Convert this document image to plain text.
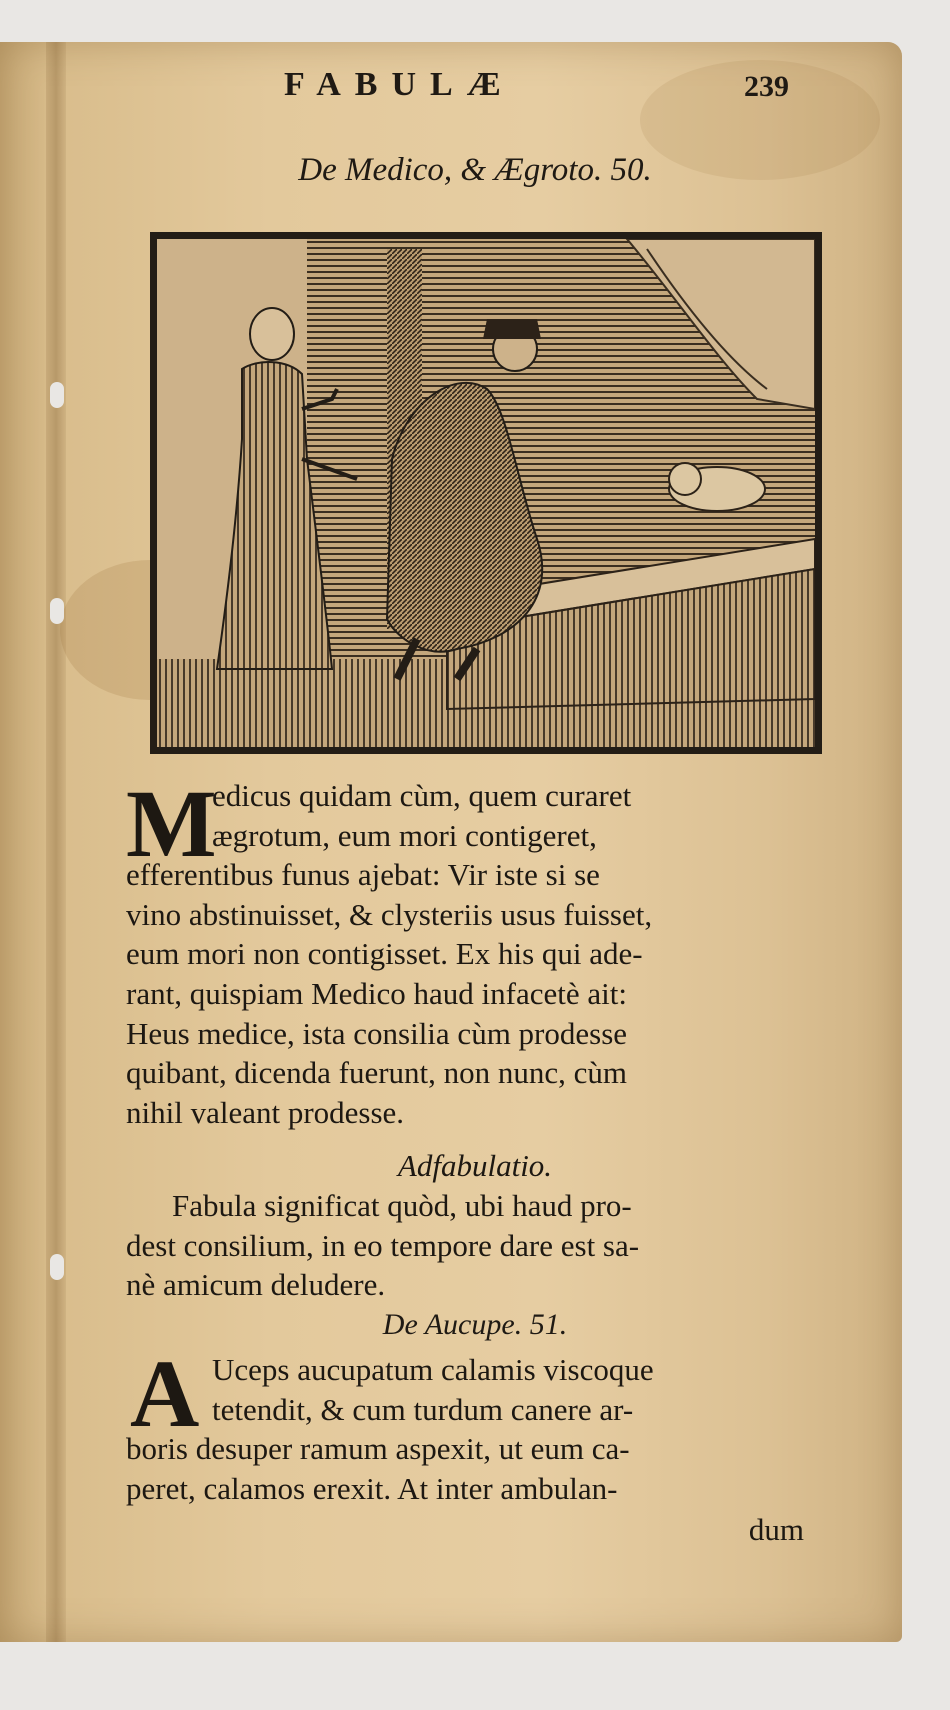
FABULÆ	239
De Medico, & Ægroto. 50.
M
edicus quidam cùm, quem curaret
ægrotum, eum mori contigeret,
efferentibus funus ajebat: Vir iste si se
vino abstinuisset, & clysteriis usus fuisset,
eum mori non contigisset. Ex his qui ade-
rant, quispiam Medico haud infacetè ait:
Heus medice, ista consilia cùm prodesse
quibant, dicenda fuerunt, non nunc, cùm
nihil valeant prodesse.
Adfabulatio.
Fabula significat quòd, ubi haud pro-
dest consilium, in eo tempore dare est sa-
nè amicum deludere.
De Aucupe. 51.
A Uceps aucupatum calamis viscoque
tetendit, & cum turdum canere ar-
boris desuper ramum aspexit, ut eum ca-
peret, calamos erexit. At inter ambulan-
dum
